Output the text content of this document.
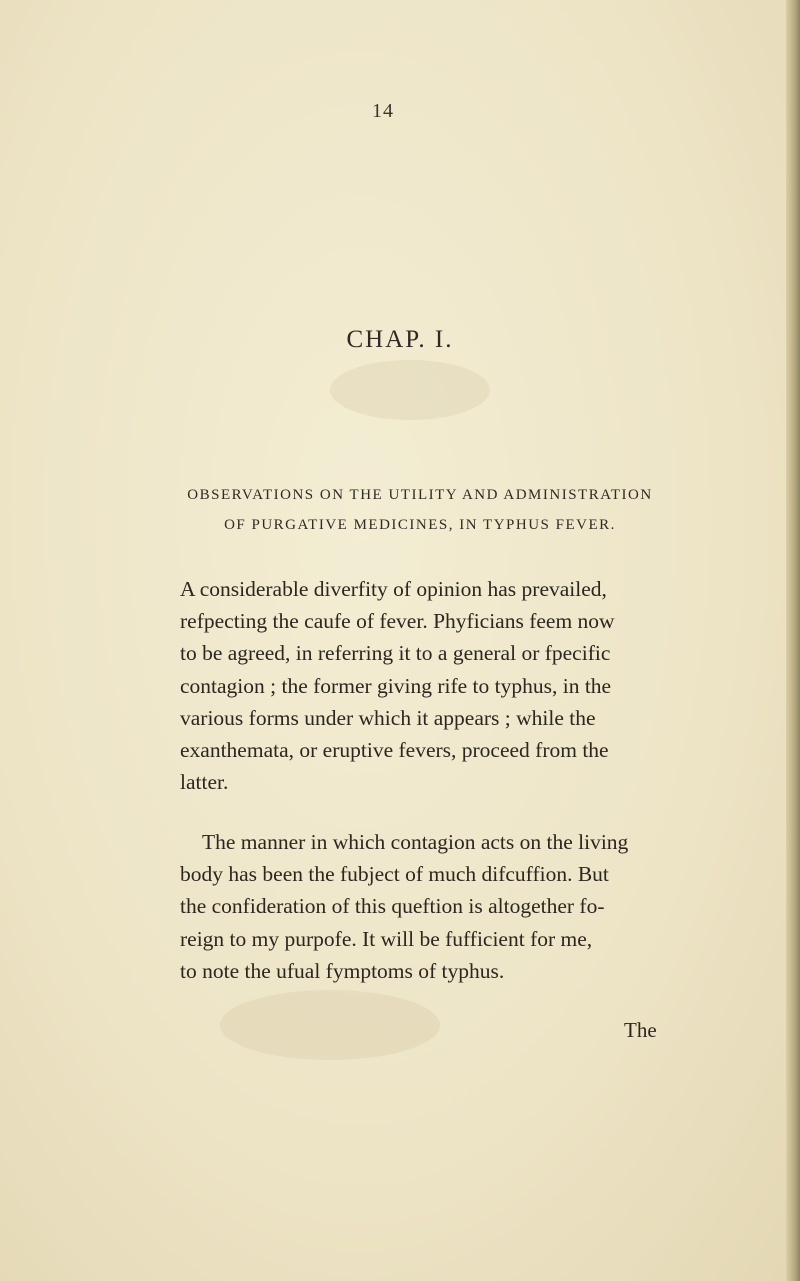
14
CHAP. I.
OBSERVATIONS ON THE UTILITY AND ADMINISTRATION
OF PURGATIVE MEDICINES, IN TYPHUS FEVER.
A considerable diverfity of opinion has prevailed,
refpecting the caufe of fever. Phyficians feem now
to be agreed, in referring it to a general or fpecific
contagion ; the former giving rife to typhus, in the
various forms under which it appears ; while the
exanthemata, or eruptive fevers, proceed from the
latter.
The manner in which contagion acts on the living
body has been the fubject of much difcuffion. But
the confideration of this queftion is altogether fo-
reign to my purpofe. It will be fufficient for me,
to note the ufual fymptoms of typhus.
The
